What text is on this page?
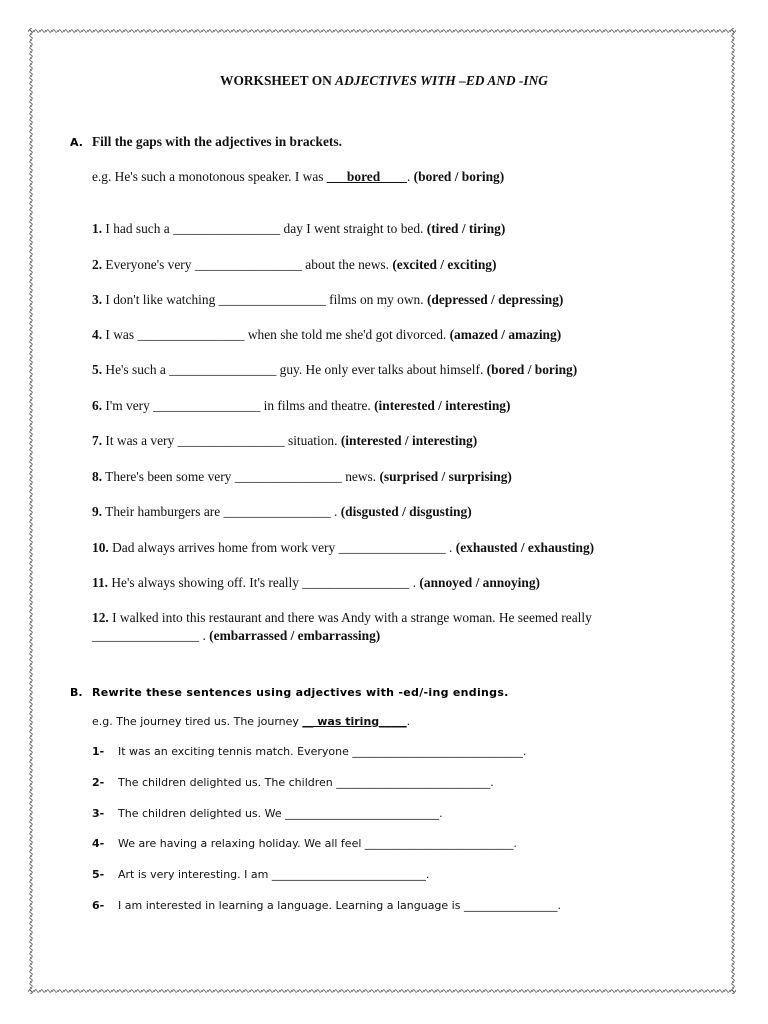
WORKSHEET ON ADJECTIVES WITH –ED AND -ING
A. Fill the gaps with the adjectives in brackets.
e.g. He's such a monotonous speaker. I was ___bored____. (bored / boring)
1. I had such a ________________ day I went straight to bed. (tired / tiring)
2. Everyone's very ________________ about the news. (excited / exciting)
3. I don't like watching ________________ films on my own. (depressed / depressing)
4. I was ________________ when she told me she'd got divorced. (amazed / amazing)
5. He's such a ________________ guy. He only ever talks about himself. (bored / boring)
6. I'm very ________________ in films and theatre. (interested / interesting)
7. It was a very ________________ situation. (interested / interesting)
8. There's been some very ________________ news. (surprised / surprising)
9. Their hamburgers are ________________ . (disgusted / disgusting)
10. Dad always arrives home from work very ________________ . (exhausted / exhausting)
11. He's always showing off. It's really ________________ . (annoyed / annoying)
12. I walked into this restaurant and there was Andy with a strange woman. He seemed really
________________ . (embarrassed / embarrassing)
B. Rewrite these sentences using adjectives with -ed/-ing endings.
e.g. The journey tired us. The journey __ was tiring_____.
1- It was an exciting tennis match. Everyone _______________________________.
2- The children delighted us. The children ____________________________.
3- The children delighted us. We ____________________________.
4- We are having a relaxing holiday. We all feel ___________________________.
5- Art is very interesting. I am ____________________________.
6- I am interested in learning a language. Learning a language is _________________.
